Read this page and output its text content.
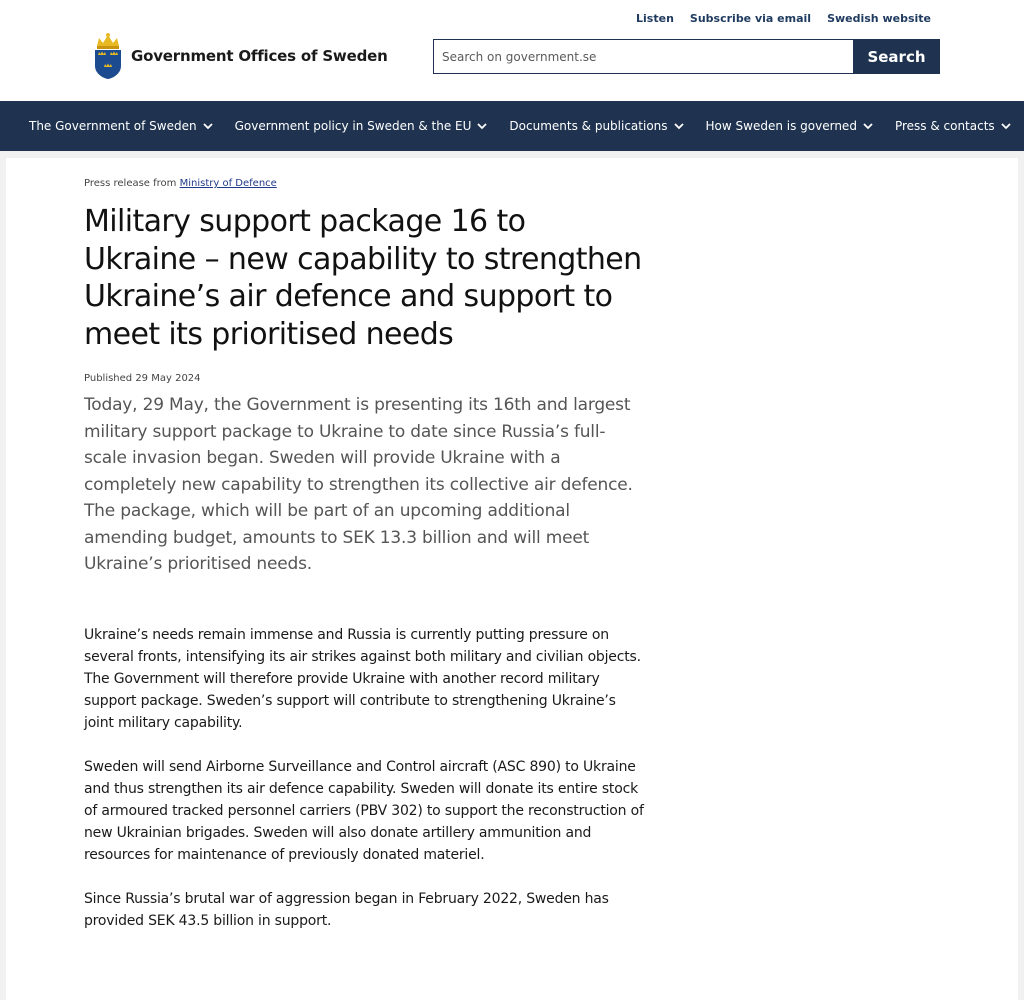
Listen Subscribe via email Swedish website
Government Offices of Sweden
Search on government.se	Search
The Government of Sweden	Government policy in Sweden & the EU	Documents & publications	How Sweden is governed	Press & contacts
Press release from Ministry of Defence
Military support package 16 to Ukraine – new capability to strengthen Ukraine’s air defence and support to meet its prioritised needs
Published 29 May 2024

Today, 29 May, the Government is presenting its 16th and largest military support package to Ukraine to date since Russia’s full-scale invasion began. Sweden will provide Ukraine with a completely new capability to strengthen its collective air defence. The package, which will be part of an upcoming additional amending budget, amounts to SEK 13.3 billion and will meet Ukraine’s prioritised needs.

Ukraine’s needs remain immense and Russia is currently putting pressure on several fronts, intensifying its air strikes against both military and civilian objects. The Government will therefore provide Ukraine with another record military support package. Sweden’s support will contribute to strengthening Ukraine’s joint military capability.

Sweden will send Airborne Surveillance and Control aircraft (ASC 890) to Ukraine and thus strengthen its air defence capability. Sweden will donate its entire stock of armoured tracked personnel carriers (PBV 302) to support the reconstruction of new Ukrainian brigades. Sweden will also donate artillery ammunition and resources for maintenance of previously donated materiel.

Since Russia’s brutal war of aggression began in February 2022, Sweden has provided SEK 43.5 billion in support.
